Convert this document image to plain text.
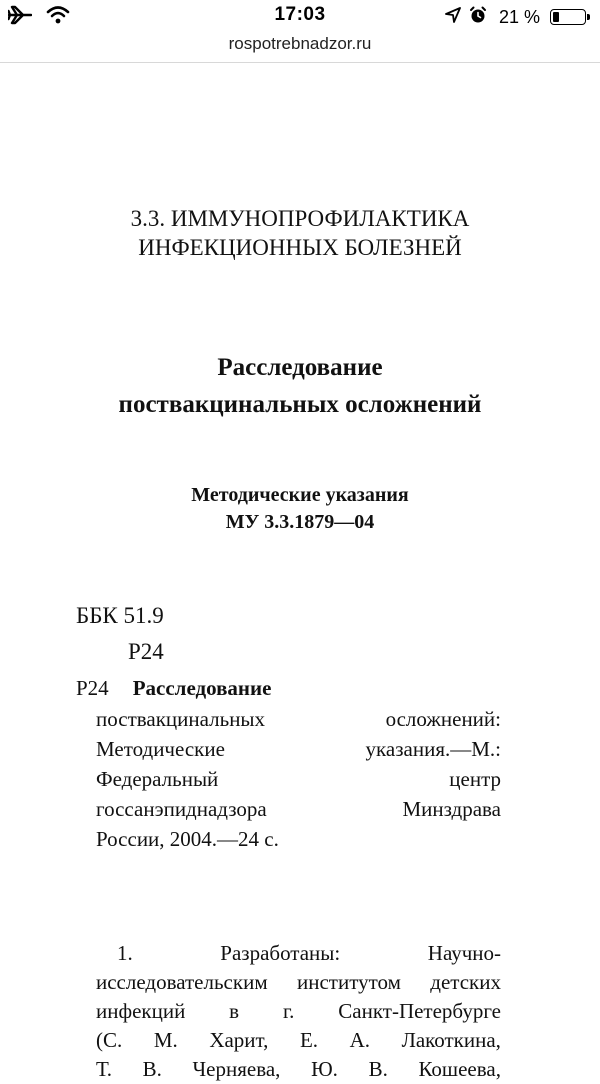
17:03	21 %
rospotrebnadzor.ru
3.3. ИММУНОПРОФИЛАКТИКА
ИНФЕКЦИОННЫХ БОЛЕЗНЕЙ
Расследование
поствакцинальных осложнений
Методические указания
МУ 3.3.1879—04
ББК 51.9
Р24
Р24 Расследование
поствакцинальных	осложнений:
Методические	указания.—М.:
Федеральный	центр
госсанэпиднадзора	Минздрава
России, 2004.—24 с.
1.	Разработаны:	Научно-
исследовательским институтом детских
инфекций в г. Санкт-Петербурге
(С. М. Харит, Е. А. Лакоткина,
Т. В. Черняева, Ю. В. Кошеева,
